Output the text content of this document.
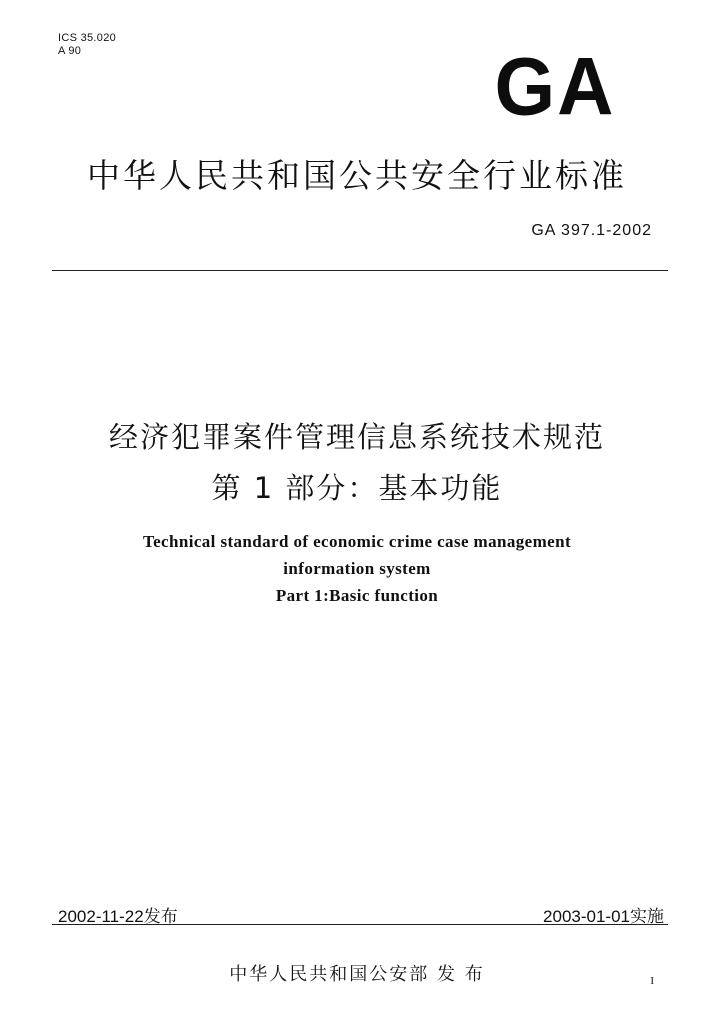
ICS 35.020
A 90	GA
中华人民共和国公共安全行业标准
GA 397.1-2002
经济犯罪案件管理信息系统技术规范
第 1 部分：基本功能
Technical standard of economic crime case management
information system
Part 1:Basic function
2002-11-22发布	2003-01-01实施
中华人民共和国公安部 发 布	I
